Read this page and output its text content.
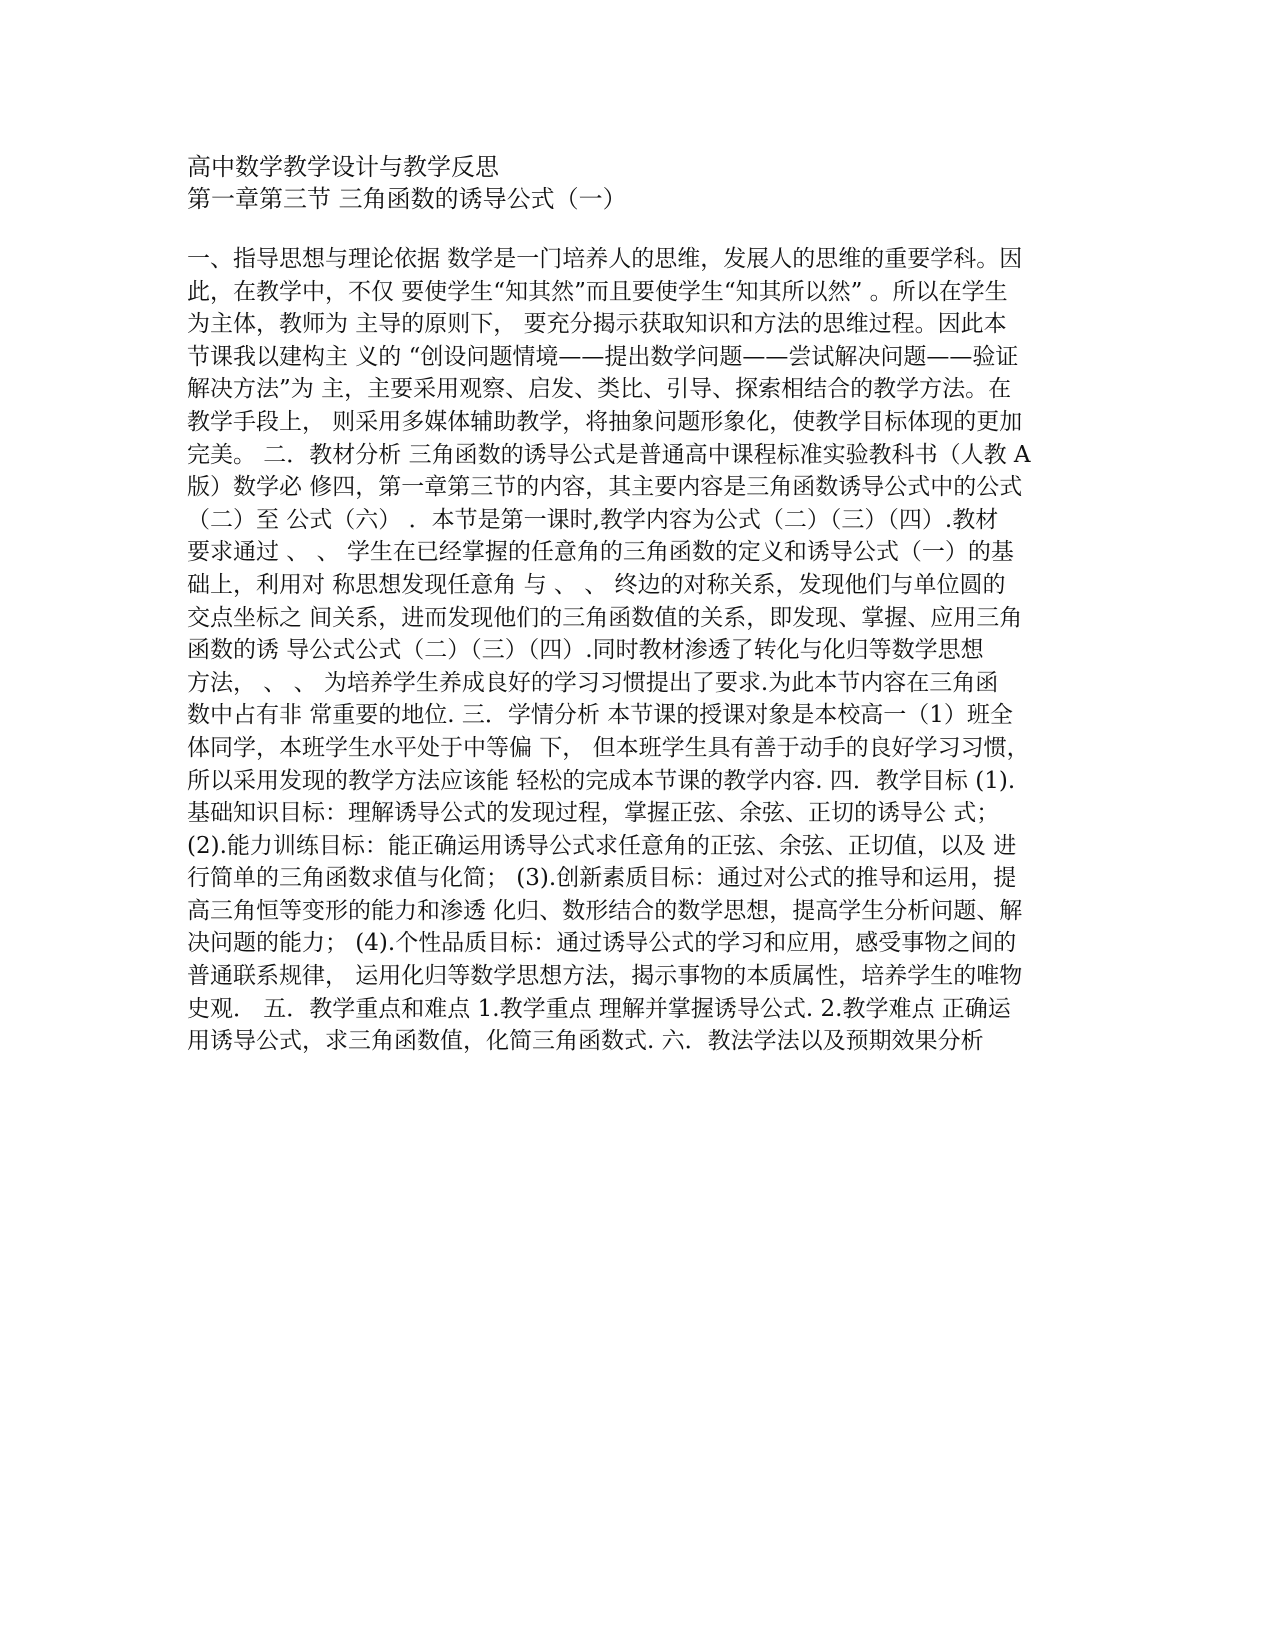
高中数学教学设计与教学反思
第一章第三节 三角函数的诱导公式（一）
一、指导思想与理论依据 数学是一门培养人的思维，发展人的思维的重要学科。因
此，在教学中，不仅 要使学生“知其然”而且要使学生“知其所以然” 。所以在学生
为主体，教师为 主导的原则下， 要充分揭示获取知识和方法的思维过程。因此本
节课我以建构主 义的 “创设问题情境——提出数学问题——尝试解决问题——验证
解决方法”为 主，主要采用观察、启发、类比、引导、探索相结合的教学方法。在
教学手段上， 则采用多媒体辅助教学，将抽象问题形象化，使教学目标体现的更加
完美。 二．教材分析 三角函数的诱导公式是普通高中课程标准实验教科书（人教 A
版）数学必 修四，第一章第三节的内容，其主要内容是三角函数诱导公式中的公式
（二）至 公式（六） ．本节是第一课时,教学内容为公式（二）（三）（四）.教材
要求通过 、 、 学生在已经掌握的任意角的三角函数的定义和诱导公式（一）的基
础上，利用对 称思想发现任意角 与 、 、 终边的对称关系，发现他们与单位圆的
交点坐标之 间关系，进而发现他们的三角函数值的关系，即发现、掌握、应用三角
函数的诱 导公式公式（二）（三）（四）.同时教材渗透了转化与化归等数学思想
方法， 、 、 为培养学生养成良好的学习习惯提出了要求.为此本节内容在三角函
数中占有非 常重要的地位. 三．学情分析 本节课的授课对象是本校高一（1）班全
体同学，本班学生水平处于中等偏 下， 但本班学生具有善于动手的良好学习习惯，
所以采用发现的教学方法应该能 轻松的完成本节课的教学内容. 四．教学目标 (1).
基础知识目标：理解诱导公式的发现过程，掌握正弦、余弦、正切的诱导公 式；
(2).能力训练目标：能正确运用诱导公式求任意角的正弦、余弦、正切值，以及 进
行简单的三角函数求值与化简； (3).创新素质目标：通过对公式的推导和运用，提
高三角恒等变形的能力和渗透 化归、数形结合的数学思想，提高学生分析问题、解
决问题的能力； (4).个性品质目标：通过诱导公式的学习和应用，感受事物之间的
普通联系规律， 运用化归等数学思想方法，揭示事物的本质属性，培养学生的唯物
史观． 五．教学重点和难点 1.教学重点 理解并掌握诱导公式. 2.教学难点 正确运
用诱导公式，求三角函数值，化简三角函数式. 六．教法学法以及预期效果分析
